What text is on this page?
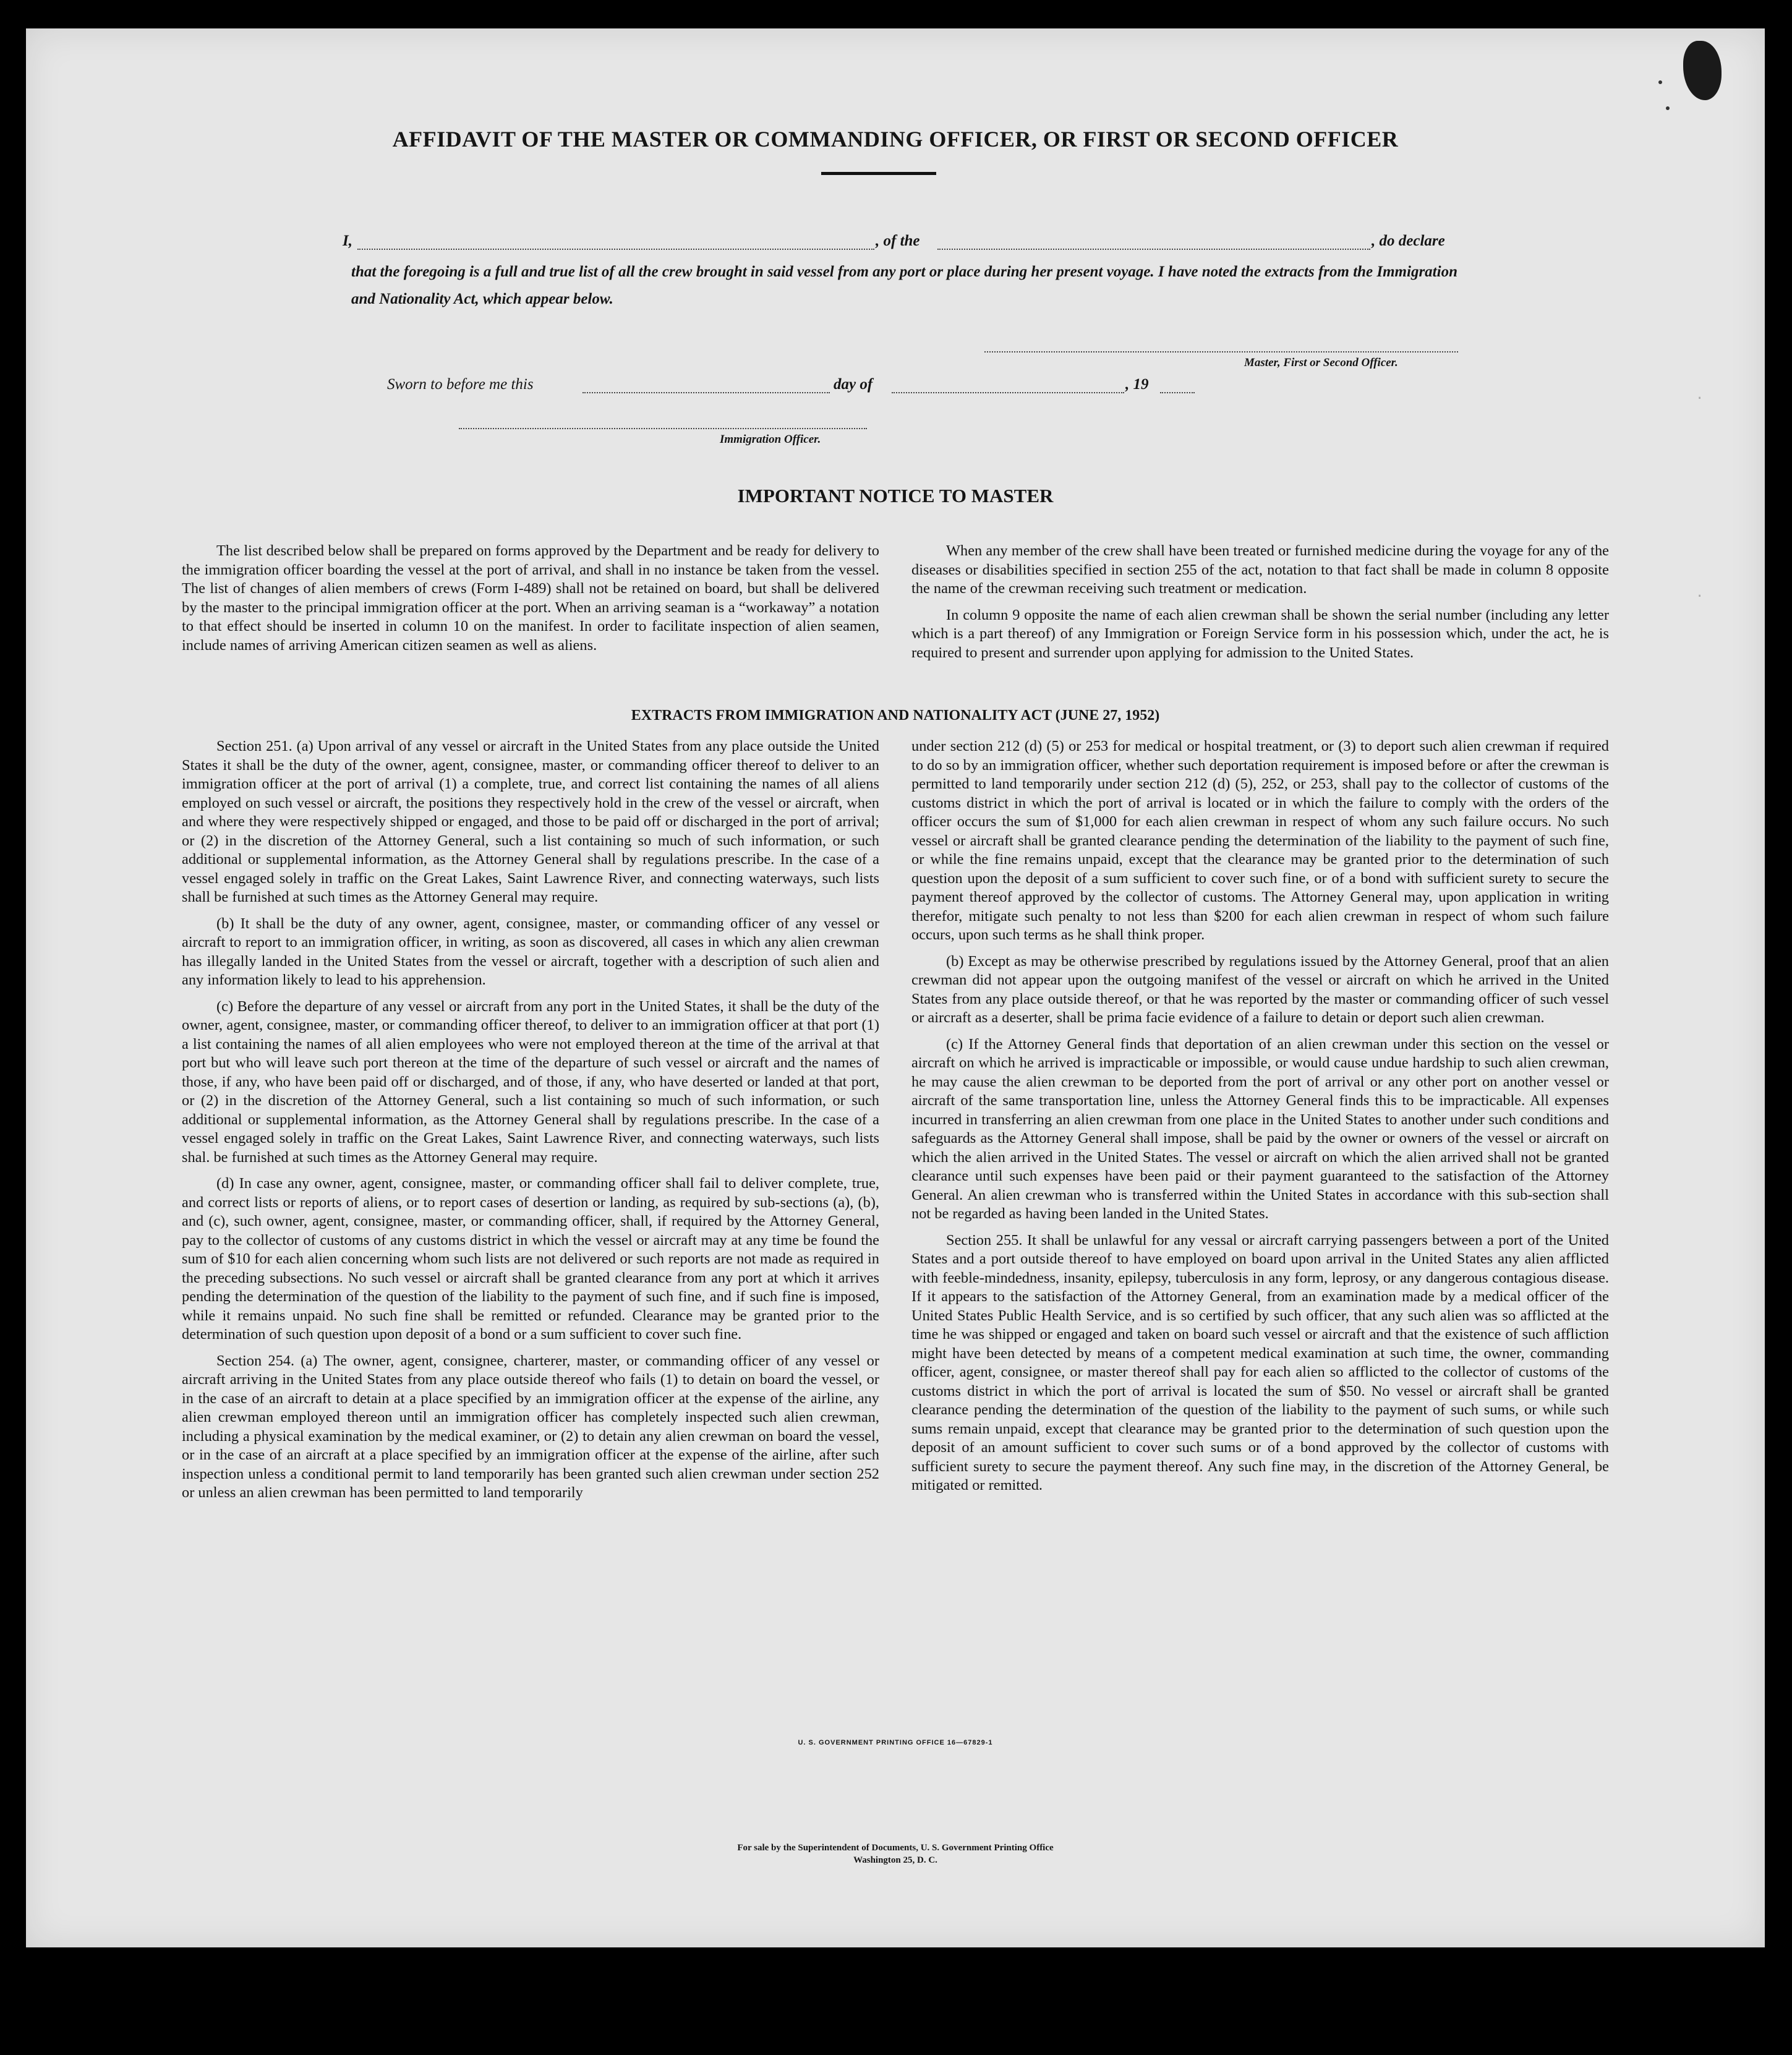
.
.
AFFIDAVIT OF THE MASTER OR COMMANDING OFFICER, OR FIRST OR SECOND OFFICER
I,	, of the	, do declare
that the foregoing is a full and true list of all the crew brought in said vessel from any port or place during her present voyage. I have noted the extracts from the Immigration and Nationality Act, which appear below.
Master, First or Second Officer.
Sworn to before me this	day of	, 19
Immigration Officer.
IMPORTANT NOTICE TO MASTER

The list described below shall be prepared on forms approved by the Department and be ready for delivery to the immigration officer boarding the vessel at the port of arrival, and shall in no instance be taken from the vessel. The list of changes of alien members of crews (Form I-489) shall not be retained on board, but shall be delivered by the master to the principal immigration officer at the port. When an arriving seaman is a “workaway” a notation to that effect should be inserted in column 10 on the manifest. In order to facilitate inspection of alien seamen, include names of arriving American citizen seamen as well as aliens.

When any member of the crew shall have been treated or furnished medicine during the voyage for any of the diseases or disabilities specified in section 255 of the act, notation to that fact shall be made in column 8 opposite the name of the crewman receiving such treatment or medication.

In column 9 opposite the name of each alien crewman shall be shown the serial number (including any letter which is a part thereof) of any Immigration or Foreign Service form in his possession which, under the act, he is required to present and surrender upon applying for admission to the United States.

EXTRACTS FROM IMMIGRATION AND NATIONALITY ACT (JUNE 27, 1952)

Section 251. (a) Upon arrival of any vessel or aircraft in the United States from any place outside the United States it shall be the duty of the owner, agent, consignee, master, or commanding officer thereof to deliver to an immigration officer at the port of arrival (1) a complete, true, and correct list containing the names of all aliens employed on such vessel or aircraft, the positions they respectively hold in the crew of the vessel or aircraft, when and where they were respectively shipped or engaged, and those to be paid off or discharged in the port of arrival; or (2) in the discretion of the Attorney General, such a list containing so much of such information, or such additional or supplemental information, as the Attorney General shall by regulations prescribe. In the case of a vessel engaged solely in traffic on the Great Lakes, Saint Lawrence River, and connecting waterways, such lists shall be furnished at such times as the Attorney General may require.

(b) It shall be the duty of any owner, agent, consignee, master, or commanding officer of any vessel or aircraft to report to an immigration officer, in writing, as soon as discovered, all cases in which any alien crewman has illegally landed in the United States from the vessel or aircraft, together with a description of such alien and any information likely to lead to his apprehension.

(c) Before the departure of any vessel or aircraft from any port in the United States, it shall be the duty of the owner, agent, consignee, master, or commanding officer thereof, to deliver to an immigration officer at that port (1) a list containing the names of all alien employees who were not employed thereon at the time of the arrival at that port but who will leave such port thereon at the time of the departure of such vessel or aircraft and the names of those, if any, who have been paid off or discharged, and of those, if any, who have deserted or landed at that port, or (2) in the discretion of the Attorney General, such a list containing so much of such information, or such additional or supplemental information, as the Attorney General shall by regulations prescribe. In the case of a vessel engaged solely in traffic on the Great Lakes, Saint Lawrence River, and connecting waterways, such lists shal. be furnished at such times as the Attorney General may require.

(d) In case any owner, agent, consignee, master, or commanding officer shall fail to deliver complete, true, and correct lists or reports of aliens, or to report cases of desertion or landing, as required by sub-sections (a), (b), and (c), such owner, agent, consignee, master, or commanding officer, shall, if required by the Attorney General, pay to the collector of customs of any customs district in which the vessel or aircraft may at any time be found the sum of $10 for each alien concerning whom such lists are not delivered or such reports are not made as required in the preceding subsections. No such vessel or aircraft shall be granted clearance from any port at which it arrives pending the determination of the question of the liability to the payment of such fine, and if such fine is imposed, while it remains unpaid. No such fine shall be remitted or refunded. Clearance may be granted prior to the determination of such question upon deposit of a bond or a sum sufficient to cover such fine.

Section 254. (a) The owner, agent, consignee, charterer, master, or commanding officer of any vessel or aircraft arriving in the United States from any place outside thereof who fails (1) to detain on board the vessel, or in the case of an aircraft to detain at a place specified by an immigration officer at the expense of the airline, any alien crewman employed thereon until an immigration officer has completely inspected such alien crewman, including a physical examination by the medical examiner, or (2) to detain any alien crewman on board the vessel, or in the case of an aircraft at a place specified by an immigration officer at the expense of the airline, after such inspection unless a conditional permit to land temporarily has been granted such alien crewman under section 252 or unless an alien crewman has been permitted to land temporarily

under section 212 (d) (5) or 253 for medical or hospital treatment, or (3) to deport such alien crewman if required to do so by an immigration officer, whether such deportation requirement is imposed before or after the crewman is permitted to land temporarily under section 212 (d) (5), 252, or 253, shall pay to the collector of customs of the customs district in which the port of arrival is located or in which the failure to comply with the orders of the officer occurs the sum of $1,000 for each alien crewman in respect of whom any such failure occurs. No such vessel or aircraft shall be granted clearance pending the determination of the liability to the payment of such fine, or while the fine remains unpaid, except that the clearance may be granted prior to the determination of such question upon the deposit of a sum sufficient to cover such fine, or of a bond with sufficient surety to secure the payment thereof approved by the collector of customs. The Attorney General may, upon application in writing therefor, mitigate such penalty to not less than $200 for each alien crewman in respect of whom such failure occurs, upon such terms as he shall think proper.

(b) Except as may be otherwise prescribed by regulations issued by the Attorney General, proof that an alien crewman did not appear upon the outgoing manifest of the vessel or aircraft on which he arrived in the United States from any place outside thereof, or that he was reported by the master or commanding officer of such vessel or aircraft as a deserter, shall be prima facie evidence of a failure to detain or deport such alien crewman.

(c) If the Attorney General finds that deportation of an alien crewman under this section on the vessel or aircraft on which he arrived is impracticable or impossible, or would cause undue hardship to such alien crewman, he may cause the alien crewman to be deported from the port of arrival or any other port on another vessel or aircraft of the same transportation line, unless the Attorney General finds this to be impracticable. All expenses incurred in transferring an alien crewman from one place in the United States to another under such conditions and safeguards as the Attorney General shall impose, shall be paid by the owner or owners of the vessel or aircraft on which the alien arrived in the United States. The vessel or aircraft on which the alien arrived shall not be granted clearance until such expenses have been paid or their payment guaranteed to the satisfaction of the Attorney General. An alien crewman who is transferred within the United States in accordance with this sub-section shall not be regarded as having been landed in the United States.

Section 255. It shall be unlawful for any vessal or aircraft carrying passengers between a port of the United States and a port outside thereof to have employed on board upon arrival in the United States any alien afflicted with feeble-mindedness, insanity, epilepsy, tuberculosis in any form, leprosy, or any dangerous contagious disease. If it appears to the satisfaction of the Attorney General, from an examination made by a medical officer of the United States Public Health Service, and is so certified by such officer, that any such alien was so afflicted at the time he was shipped or engaged and taken on board such vessel or aircraft and that the existence of such affliction might have been detected by means of a competent medical examination at such time, the owner, commanding officer, agent, consignee, or master thereof shall pay for each alien so afflicted to the collector of customs of the customs district in which the port of arrival is located the sum of $50. No vessel or aircraft shall be granted clearance pending the determination of the question of the liability to the payment of such sums, or while such sums remain unpaid, except that clearance may be granted prior to the determination of such question upon the deposit of an amount sufficient to cover such sums or of a bond approved by the collector of customs with sufficient surety to secure the payment thereof. Any such fine may, in the discretion of the Attorney General, be mitigated or remitted.

U. S. GOVERNMENT PRINTING OFFICE 16—67829-1
For sale by the Superintendent of Documents, U. S. Government Printing Office
Washington 25, D. C.
